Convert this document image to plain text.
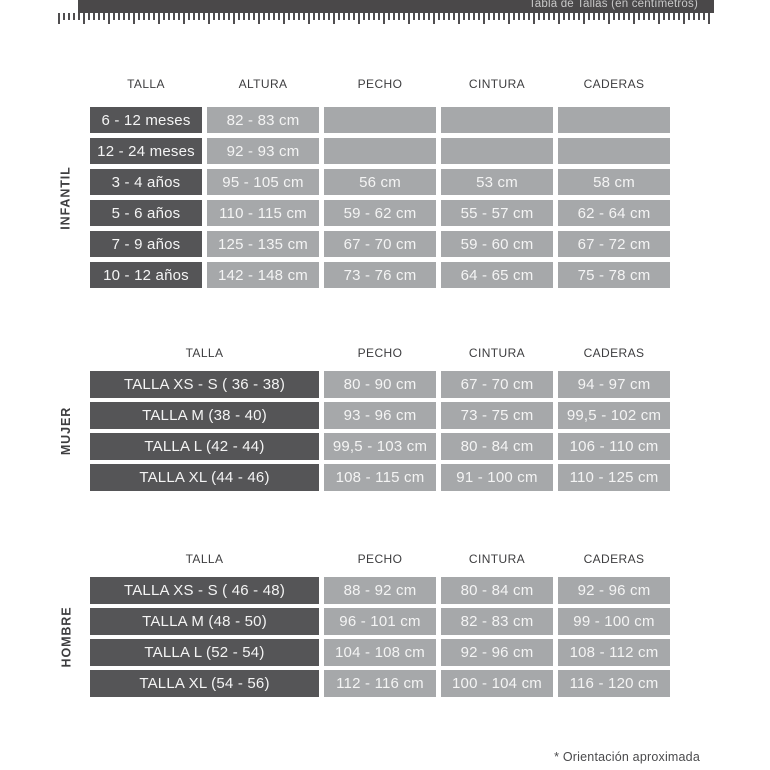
Tabla de Tallas (en centímetros)
TALLA	ALTURA	PECHO	CINTURA	CADERAS
6 - 12 meses	82 - 83 cm
12 - 24 meses	92 - 93 cm
3 - 4 años	95 - 105 cm	56 cm	53 cm	58 cm
5 - 6 años	110 - 115 cm	59 - 62 cm	55 - 57 cm	62 - 64 cm
7 - 9 años	125 - 135 cm	67 - 70 cm	59 - 60 cm	67 - 72 cm
10 - 12 años	142 - 148 cm	73 - 76 cm	64 - 65 cm	75 - 78 cm
INFANTIL
TALLA	PECHO	CINTURA	CADERAS
TALLA XS - S ( 36 - 38)	80 - 90 cm	67 - 70 cm	94 - 97 cm
TALLA M (38 - 40)	93 - 96 cm	73 - 75 cm	99,5 - 102 cm
TALLA L (42 - 44)	99,5 - 103 cm	80 - 84 cm	106 - 110 cm
TALLA XL (44 - 46)	108 - 115 cm	91 - 100 cm	110 - 125 cm
MUJER
TALLA	PECHO	CINTURA	CADERAS
TALLA XS - S ( 46 - 48)	88 - 92 cm	80 - 84 cm	92 - 96 cm
TALLA M (48 - 50)	96 - 101 cm	82 - 83 cm	99 - 100 cm
TALLA L (52 - 54)	104 - 108 cm	92 - 96 cm	108 - 112 cm
TALLA XL (54 - 56)	112 - 116 cm	100 - 104 cm	116 - 120 cm
HOMBRE
* Orientación aproximada
